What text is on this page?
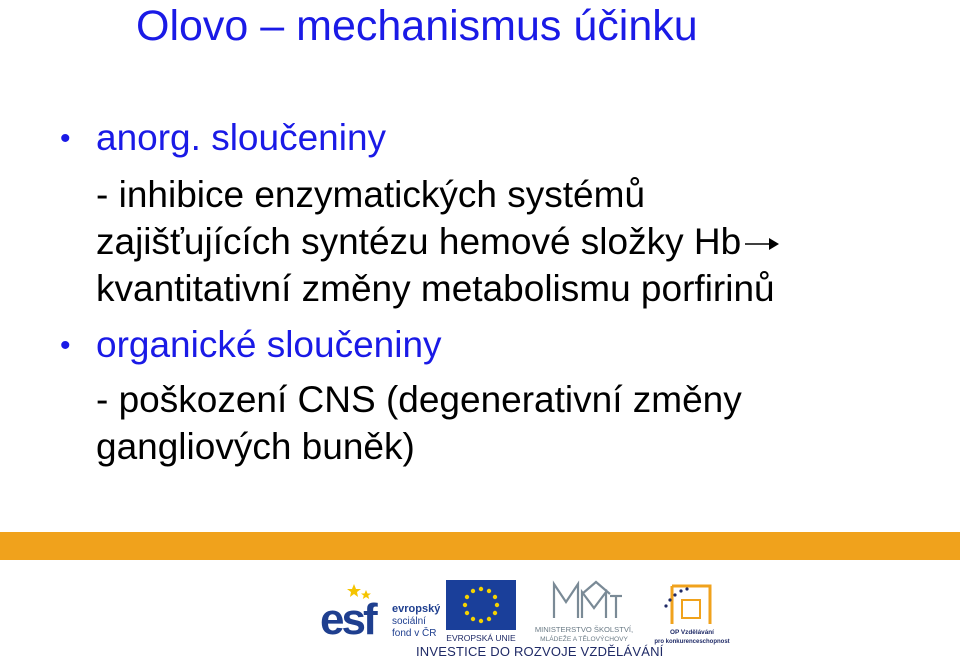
Olovo – mechanismus účinku
• anorg. sloučeniny
- inhibice enzymatických systémů
zajišťujících syntézu hemové složky Hb
kvantitativní změny metabolismu porfirinů
• organické sloučeniny
- poškození CNS (degenerativní změny
gangliových buněk)
esf	evropský
sociální
fond v ČR EVROPSKÁ UNIE
MINISTERSTVO ŠKOLSTVÍ,
MLÁDEŽE A TĚLOVÝCHOVY
OP Vzdělávání
pro konkurenceschopnost
INVESTICE DO ROZVOJE VZDĚLÁVÁNÍ
